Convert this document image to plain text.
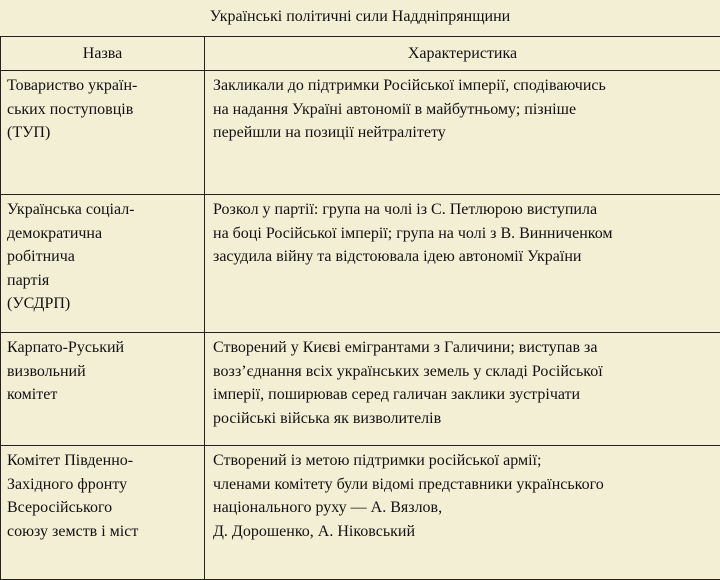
Українські політичні сили Наддніпрянщини
Назва	Характеристика

Товариство україн-
ських поступовців
(ТУП)	Закликали до підтримки Російської імперії, сподіваючись
на надання Україні автономії в майбутньому; пізніше
перейшли на позиції нейтралітету

Українська соціал-
демократична
робітнича
партія
(УСДРП)	Розкол у партії: група на чолі із С. Петлюрою виступила
на боці Російської імперії; група на чолі з В. Винниченком
засудила війну та відстоювала ідею автономії України

Карпато-Руський
визвольний
комітет	Створений у Києві емігрантами з Галичини; виступав за
возз’єднання всіх українських земель у складі Російської
імперії, поширював серед галичан заклики зустрічати
російські війська як визволителів

Комітет Південно-
Західного фронту
Всеросійського
союзу земств і міст	Створений із метою підтримки російської армії;
членами комітету були відомі представники українського
національного руху — А. Вязлов,
Д. Дорошенко, А. Ніковський
